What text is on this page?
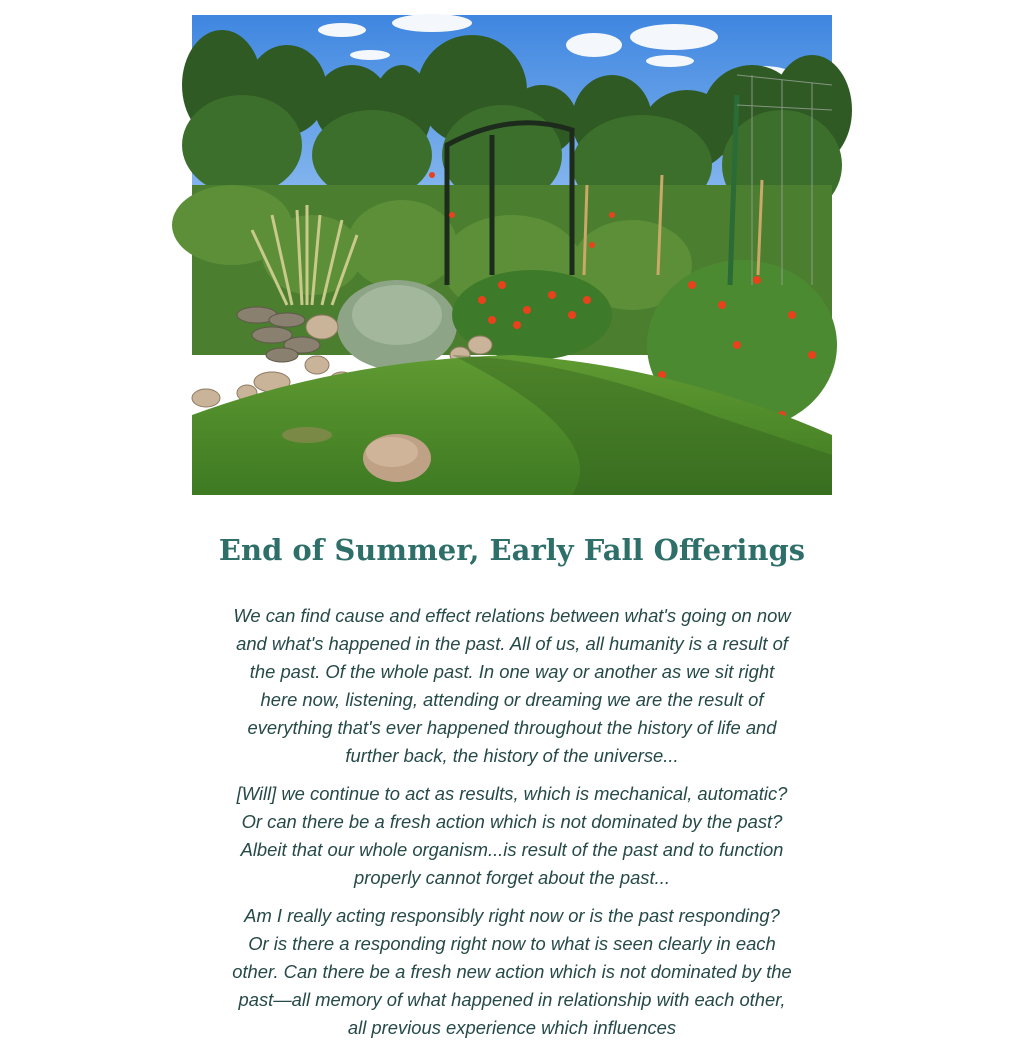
End of Summer, Early Fall Offerings

We can find cause and effect relations between what's going on now and what's happened in the past. All of us, all humanity is a result of the past. Of the whole past. In one way or another as we sit right here now, listening, attending or dreaming we are the result of everything that's ever happened throughout the history of life and further back, the history of the universe...

[Will] we continue to act as results, which is mechanical, automatic? Or can there be a fresh action which is not dominated by the past? Albeit that our whole organism...is result of the past and to function properly cannot forget about the past...

Am I really acting responsibly right now or is the past responding? Or is there a responding right now to what is seen clearly in each other. Can there be a fresh new action which is not dominated by the past—all memory of what happened in relationship with each other, all previous experience which influences
